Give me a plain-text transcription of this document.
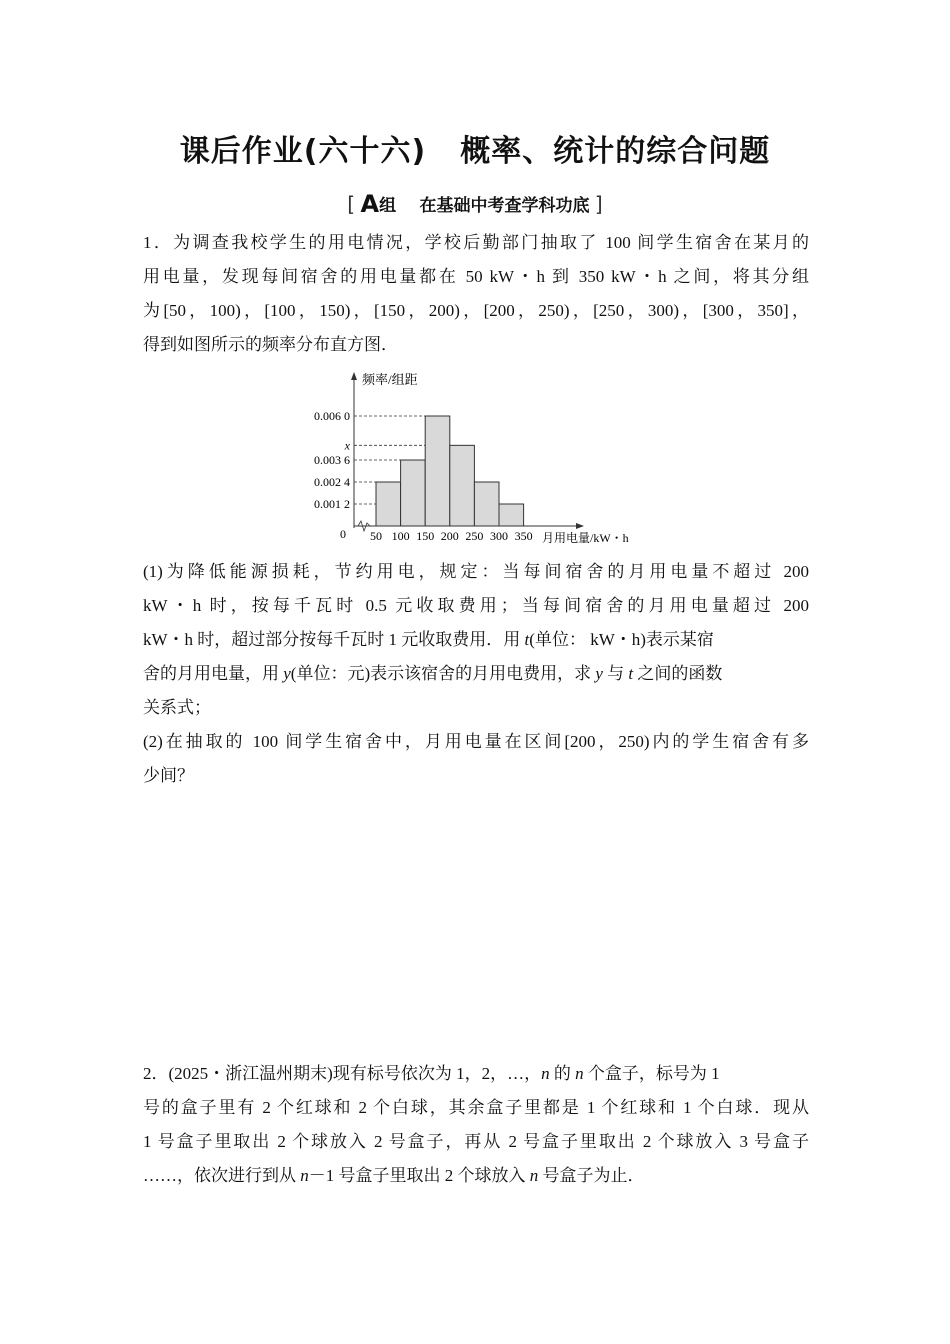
课后作业(六十六) 概率、统计的综合问题
[ A组 在基础中考查学科功底 ]
1．为调查我校学生的用电情况，学校后勤部门抽取了 100 间学生宿舍在某月的
用电量，发现每间宿舍的用电量都在 50 kW・h 到 350 kW・h 之间，将其分组
为[50，100)，[100，150)，[150，200)，[200，250)，[250，300)，[300，350]，
得到如图所示的频率分布直方图．
0.001 2
0.002 4
0.003 6
x
0.006 0
0 50 100 150 200 250 300 350
频率/组距
月用电量/kW・h
(1)为降低能源损耗，节约用电，规定：当每间宿舍的月用电量不超过 200
kW・h 时，按每千瓦时 0.5 元收取费用；当每间宿舍的月用电量超过 200
kW・h 时，超过部分按每千瓦时 1 元收取费用．用 t(单位： kW・h)表示某宿
舍的月用电量，用 y(单位：元)表示该宿舍的月用电费用，求 y 与 t 之间的函数
关系式；
(2)在抽取的 100 间学生宿舍中，月用电量在区间[200，250)内的学生宿舍有多
少间？
2．(2025・浙江温州期末)现有标号依次为 1，2，…，n 的 n 个盒子，标号为 1
号的盒子里有 2 个红球和 2 个白球，其余盒子里都是 1 个红球和 1 个白球．现从
1 号盒子里取出 2 个球放入 2 号盒子，再从 2 号盒子里取出 2 个球放入 3 号盒子
……，依次进行到从 n－1 号盒子里取出 2 个球放入 n 号盒子为止．
